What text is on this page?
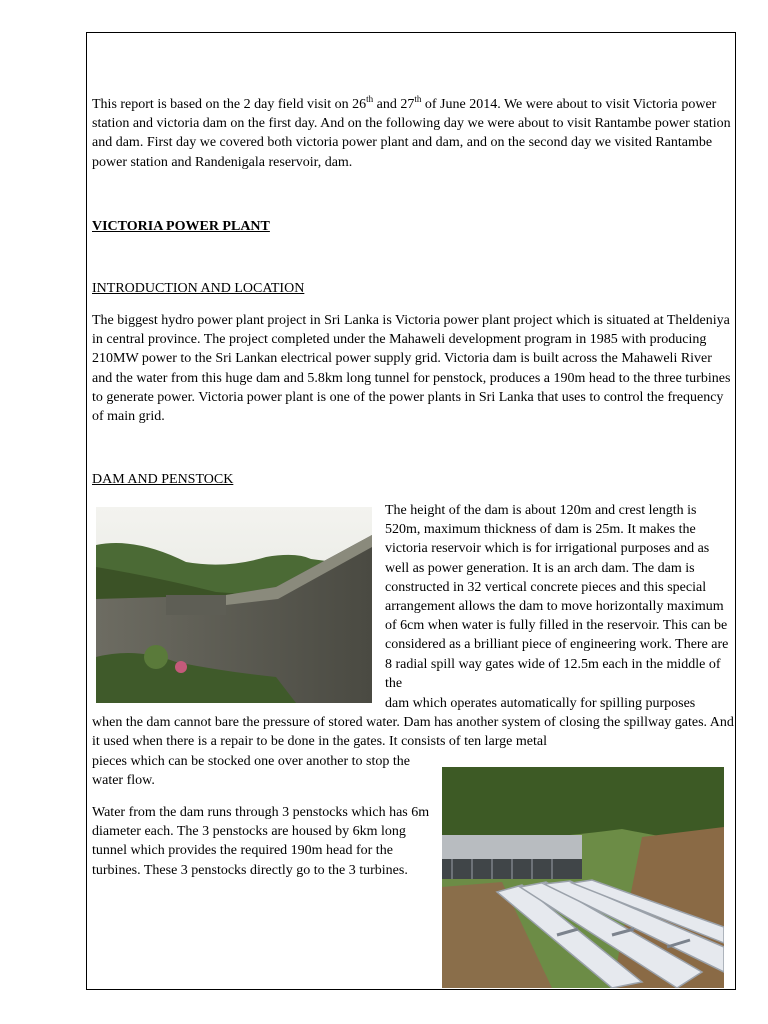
This report is based on the 2 day field visit on 26th and 27th of June 2014. We were about to visit Victoria power station and victoria dam on the first day. And on the following day we were about to visit Rantambe power station and dam. First day we covered both victoria power plant and dam, and on the second day we visited Rantambe power station and Randenigala reservoir, dam.

VICTORIA POWER PLANT

INTRODUCTION AND LOCATION

The biggest hydro power plant project in Sri Lanka is Victoria power plant project which is situated at Theldeniya in central province. The project completed under the Mahaweli development program in 1985 with producing 210MW power to the Sri Lankan electrical power supply grid. Victoria dam is built across the Mahaweli River and the water from this huge dam and 5.8km long tunnel for penstock, produces a 190m head to the three turbines to generate power. Victoria power plant is one of the power plants in Sri Lanka that uses to control the frequency of main grid.

DAM AND PENSTOCK

The height of the dam is about 120m and crest length is 520m, maximum thickness of dam is 25m. It makes the victoria reservoir which is for irrigational purposes and as well as power generation. It is an arch dam. The dam is constructed in 32 vertical concrete pieces and this special arrangement allows the dam to move horizontally maximum of 6cm when water is fully filled in the reservoir. This can be considered as a brilliant piece of engineering work. There are 8 radial spill way gates wide of 12.5m each in the middle of the

dam which operates automatically for spilling purposes

when the dam cannot bare the pressure of stored water. Dam has another system of closing the spillway gates. And it used when there is a repair to be done in the gates. It consists of ten large metal

pieces which can be stocked one over another to stop the water flow.

Water from the dam runs through 3 penstocks which has 6m diameter each. The 3 penstocks are housed by 6km long tunnel which provides the required 190m head for the turbines. These 3 penstocks directly go to the 3 turbines.
